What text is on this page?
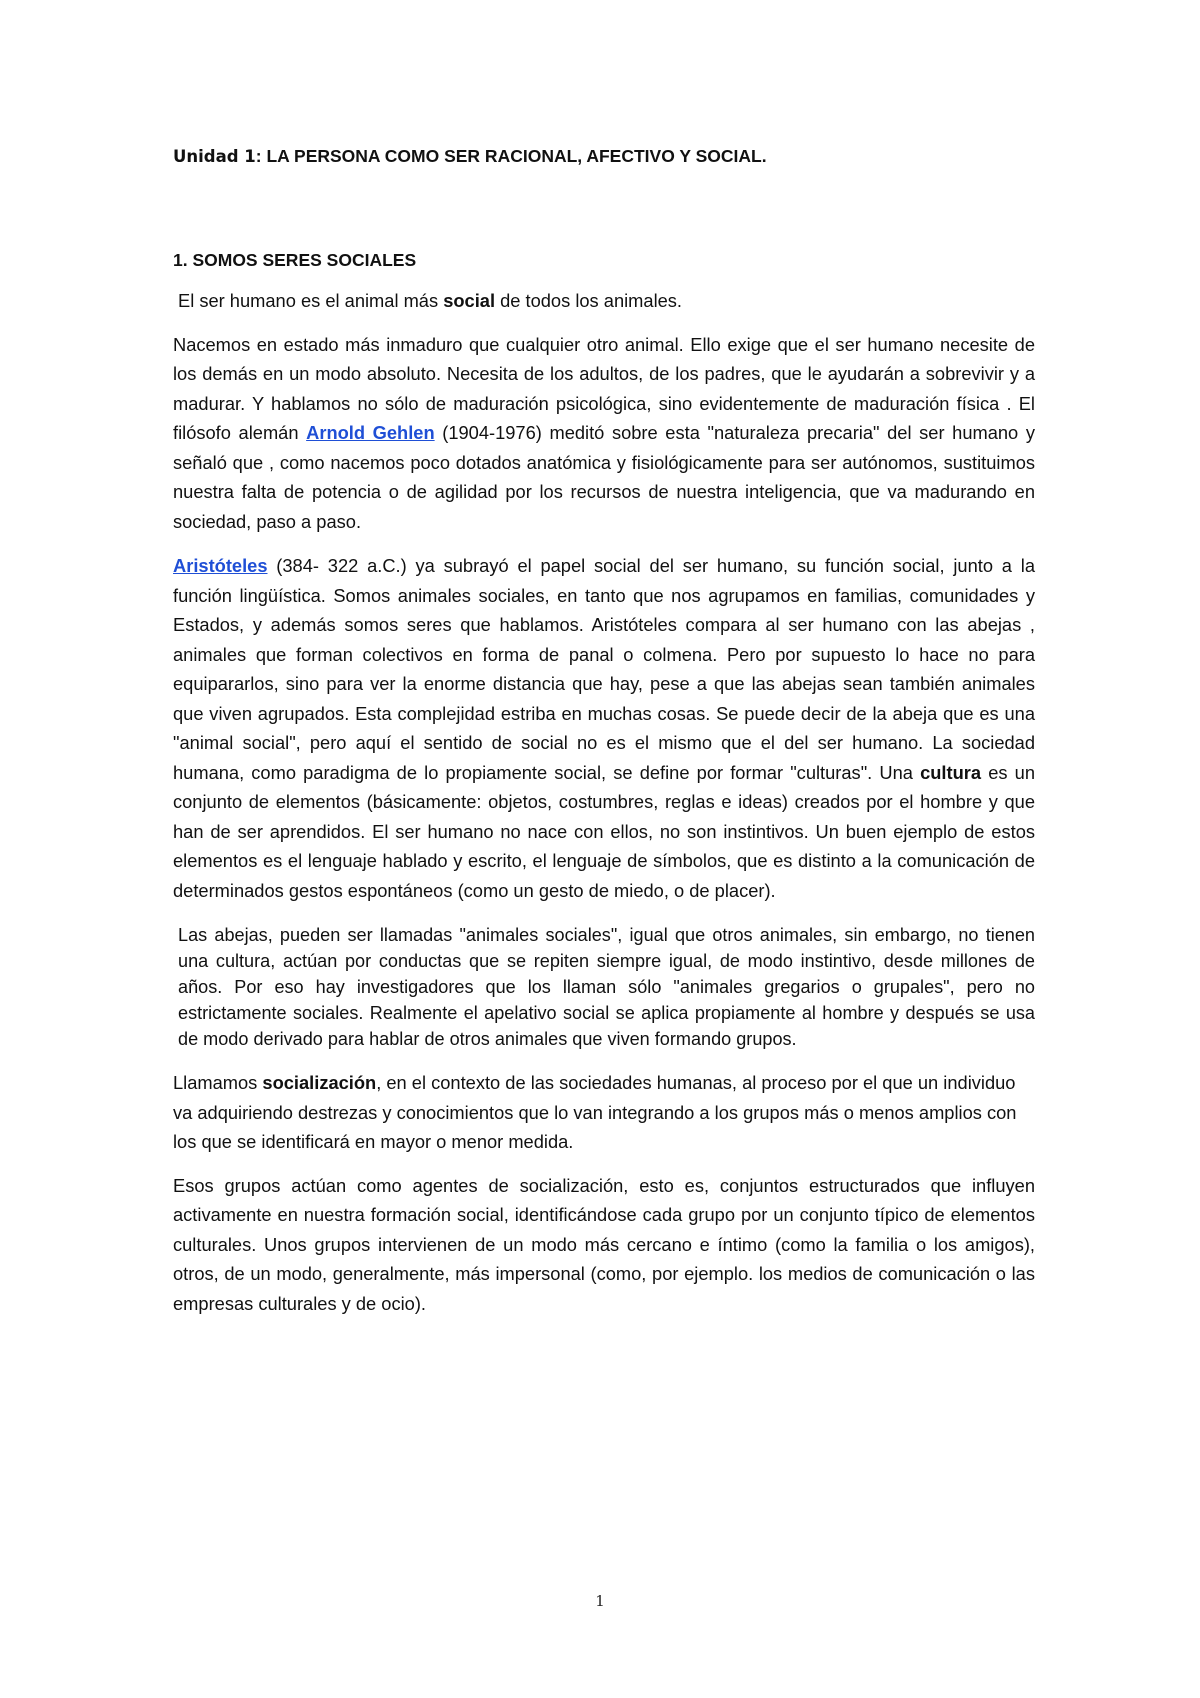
Unidad 1: LA PERSONA COMO SER RACIONAL, AFECTIVO Y SOCIAL.
1. SOMOS SERES SOCIALES

El ser humano es el animal más social de todos los animales.

Nacemos en estado más inmaduro que cualquier otro animal. Ello exige que el ser humano necesite de los demás en un modo absoluto. Necesita de los adultos, de los padres, que le ayudarán a sobrevivir y a madurar. Y hablamos no sólo de maduración psicológica, sino evidentemente de maduración física . El filósofo alemán Arnold Gehlen (1904-1976) meditó sobre esta "naturaleza precaria" del ser humano y señaló que , como nacemos poco dotados anatómica y fisiológicamente para ser autónomos, sustituimos nuestra falta de potencia o de agilidad por los recursos de nuestra inteligencia, que va madurando en sociedad, paso a paso.

Aristóteles (384- 322 a.C.) ya subrayó el papel social del ser humano, su función social, junto a la función lingüística. Somos animales sociales, en tanto que nos agrupamos en familias, comunidades y Estados, y además somos seres que hablamos. Aristóteles compara al ser humano con las abejas , animales que forman colectivos en forma de panal o colmena. Pero por supuesto lo hace no para equipararlos, sino para ver la enorme distancia que hay, pese a que las abejas sean también animales que viven agrupados. Esta complejidad estriba en muchas cosas. Se puede decir de la abeja que es una "animal social", pero aquí el sentido de social no es el mismo que el del ser humano. La sociedad humana, como paradigma de lo propiamente social, se define por formar "culturas". Una cultura es un conjunto de elementos (básicamente: objetos, costumbres, reglas e ideas) creados por el hombre y que han de ser aprendidos. El ser humano no nace con ellos, no son instintivos. Un buen ejemplo de estos elementos es el lenguaje hablado y escrito, el lenguaje de símbolos, que es distinto a la comunicación de determinados gestos espontáneos (como un gesto de miedo, o de placer).

Las abejas, pueden ser llamadas "animales sociales", igual que otros animales, sin embargo, no tienen una cultura, actúan por conductas que se repiten siempre igual, de modo instintivo, desde millones de años. Por eso hay investigadores que los llaman sólo "animales gregarios o grupales", pero no estrictamente sociales. Realmente el apelativo social se aplica propiamente al hombre y después se usa de modo derivado para hablar de otros animales que viven formando grupos.

Llamamos socialización, en el contexto de las sociedades humanas, al proceso por el que un individuo va adquiriendo destrezas y conocimientos que lo van integrando a los grupos más o menos amplios con los que se identificará en mayor o menor medida.

Esos grupos actúan como agentes de socialización, esto es, conjuntos estructurados que influyen activamente en nuestra formación social, identificándose cada grupo por un conjunto típico de elementos culturales. Unos grupos intervienen de un modo más cercano e íntimo (como la familia o los amigos), otros, de un modo, generalmente, más impersonal (como, por ejemplo. los medios de comunicación o las empresas culturales y de ocio).

1
